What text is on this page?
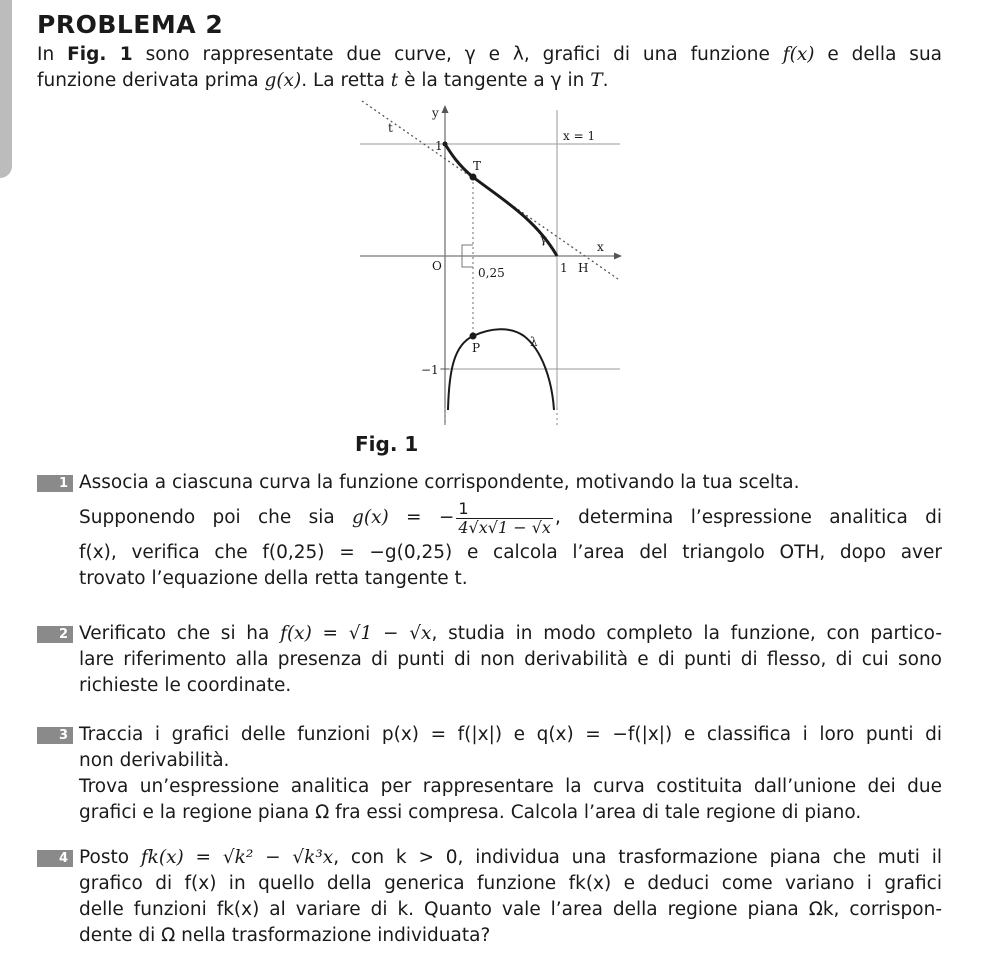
PROBLEMA 2
In Fig. 1 sono rappresentate due curve, γ e λ, grafici di una funzione f(x) e della sua
funzione derivata prima g(x). La retta t è la tangente a γ in T.
y
t
1
x = 1
T
γ
x
O	0,25	1 H
P	λ
−1
Fig. 1
1 Associa a ciascuna curva la funzione corrispondente, motivando la tua scelta.
Supponendo poi che sia g(x) = − $\frac{1}{4√x√1 - √x}$ , determina l’espressione analitica di
f(x), verifica che f(0,25) = −g(0,25) e calcola l’area del triangolo OTH, dopo aver
trovato l’equazione della retta tangente t.
2 Verificato che si ha f(x) = √1 − √x, studia in modo completo la funzione, con partico-
lare riferimento alla presenza di punti di non derivabilità e di punti di flesso, di cui sono
richieste le coordinate.
3 Traccia i grafici delle funzioni p(x) = f(|x|) e q(x) = −f(|x|) e classifica i loro punti di
non derivabilità.
Trova un’espressione analitica per rappresentare la curva costituita dall’unione dei due
grafici e la regione piana Ω fra essi compresa. Calcola l’area di tale regione di piano.
4 Posto fk(x) = √k² − √k³x, con k > 0, individua una trasformazione piana che muti il
grafico di f(x) in quello della generica funzione fk(x) e deduci come variano i grafici
delle funzioni fk(x) al variare di k. Quanto vale l’area della regione piana Ωk, corrispon-
dente di Ω nella trasformazione individuata?
